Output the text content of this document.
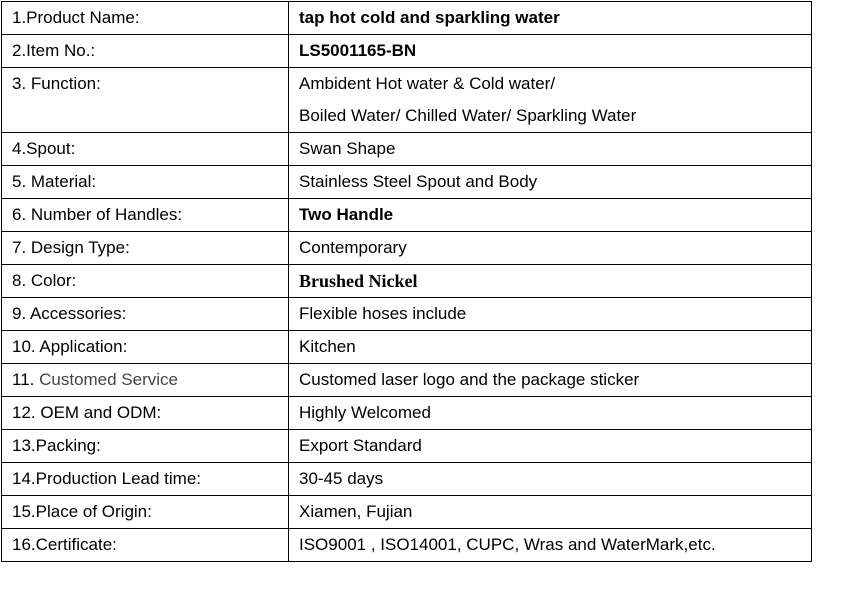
1.Product Name:	tap hot cold and sparkling water
2.Item No.:	LS5001165-BN

3. Function:	Ambident Hot water & Cold water/
Boiled Water/ Chilled Water/ Sparkling Water

4.Spout:	Swan Shape
5. Material:	Stainless Steel Spout and Body
6. Number of Handles:	Two Handle
7. Design Type:	Contemporary
8. Color:	Brushed Nickel
9. Accessories:	Flexible hoses include
10. Application:	Kitchen
11. Customed Service	Customed laser logo and the package sticker
12. OEM and ODM:	Highly Welcomed
13.Packing:	Export Standard
14.Production Lead time:	30-45 days
15.Place of Origin:	Xiamen, Fujian
16.Certificate:	ISO9001 , ISO14001, CUPC, Wras and WaterMark,etc.
